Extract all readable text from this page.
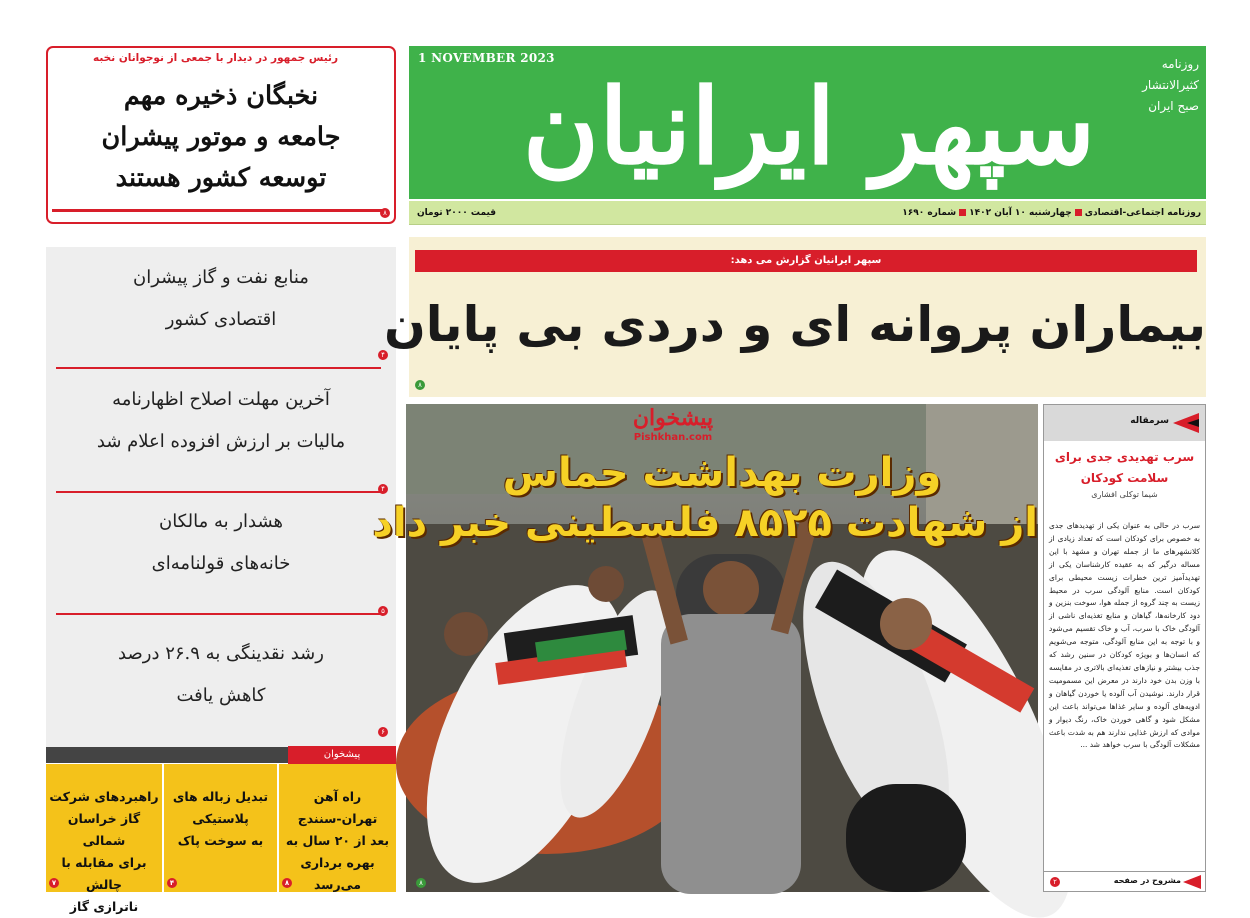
1 NOVEMBER 2023
سپهر ایرانیان
روزنامه
کثیرالانتشار
صبح ایران
روزنامه اجتماعی-اقتصادیچهارشنبه ۱۰ آبان ۱۴۰۲شماره ۱۶۹۰
قیمت ۲۰۰۰ تومان
رئیس جمهور در دیدار با جمعی از نوجوانان نخبه
نخبگان ذخیره مهم
جامعه و موتور پیشران
توسعه کشور هستند
۸
منابع نفت و گاز پیشران
اقتصادی کشور
۴
آخرین مهلت اصلاح اظهارنامه
مالیات بر ارزش افزوده اعلام شد
۴
هشدار به مالکان
خانه‌های قولنامه‌ای
۵
رشد نقدینگی به ۲۶.۹ درصد
کاهش یافت
۶
پیشخوان
راه آهن
تهران-سنندج
بعد از ۲۰ سال به
بهره برداری می‌رسد
۸
تبدیل زباله های
پلاستیکی
به سوخت پاک
۴
راهبردهای شرکت
گاز خراسان شمالی
برای مقابله با چالش
ناترازی گاز
۷
سپهر ایرانیان گزارش می دهد:
بیماران پروانه ای و دردی بی پایان
۸
پیشخوان
Pishkhan.com
وزارت بهداشت حماس
از شهادت ۸۵۲۵ فلسطینی خبر داد
۸
سرمقاله
سرب تهدیدی جدی برای
سلامت کودکان
شیما توکلی افشاری
سرب در حالی به عنوان یکی از تهدیدهای جدی به خصوص برای کودکان است که تعداد زیادی از کلانشهرهای ما از جمله تهران و مشهد با این مساله درگیر که به عقیده کارشناسان یکی از تهدیدآمیز ترین خطرات زیست محیطی برای کودکان است. منابع آلودگی سرب در محیط زیست به چند گروه از جمله هوا، سوخت بنزین و دود کارخانه‌ها، گیاهان و منابع تغذیه‌ای ناشی از آلودگی خاک با سرب، آب و خاک تقسیم می‌شود و با توجه به این منابع آلودگی، متوجه می‌شویم که انسان‌ها و بویژه کودکان در سنین رشد که جذب بیشتر و نیازهای تغذیه‌ای بالاتری در مقایسه با وزن بدن خود دارند در معرض این مسمومیت قرار دارند. نوشیدن آب آلوده یا خوردن گیاهان و ادویه‌های آلوده و سایر غذاها می‌تواند باعث این مشکل شود و گاهی خوردن خاک، رنگ دیوار و موادی که ارزش غذایی ندارند هم به شدت باعث مشکلات آلودگی با سرب خواهد شد ...
مشروح در صفحه
۲
